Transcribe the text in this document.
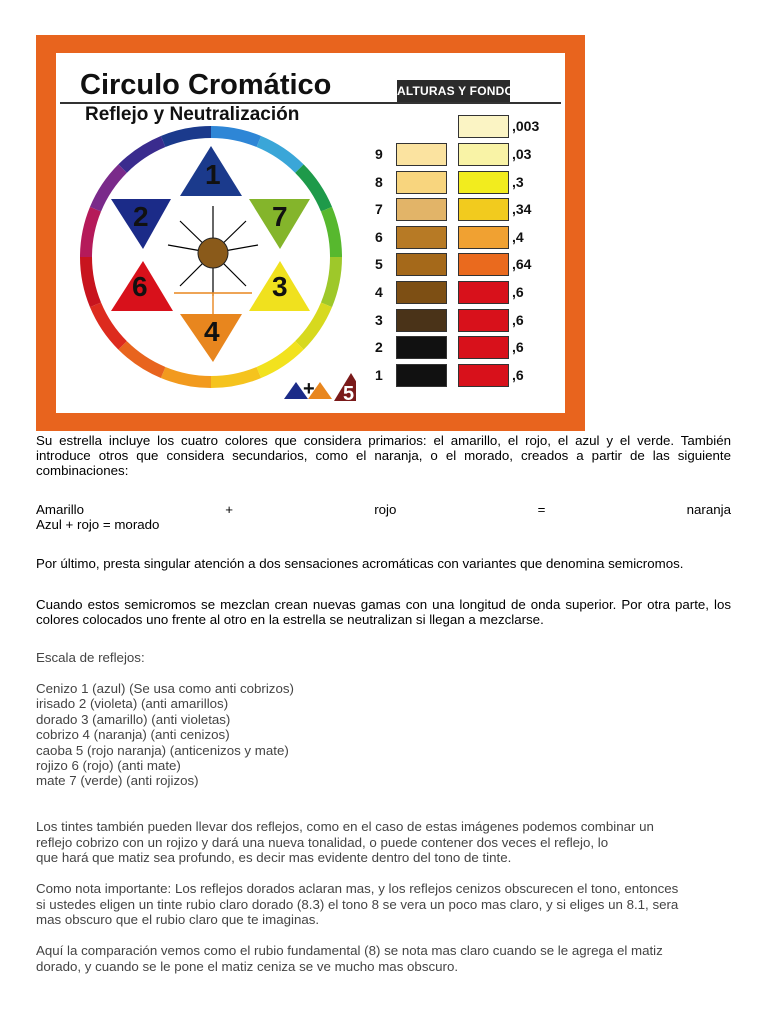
Circulo Cromático	ALTURAS Y FONDOS
Reflejo y Neutralización
1
7
3
4
6
2
+ 5
,003
9	,03
8	,3
7	,34
6	,4
5	,64
4	,6
3	,6
2	,6
1	,6
Su estrella incluye los cuatro colores que considera primarios: el amarillo, el rojo, el azul y el verde. También introduce otros que considera secundarios, como el naranja, o el morado, creados a partir de las siguiente combinaciones:
Amarillo	+	rojo	=	naranja
Azul + rojo = morado
Por último, presta singular atención a dos sensaciones acromáticas con variantes que denomina semicromos.
Cuando estos semicromos se mezclan crean nuevas gamas con una longitud de onda superior. Por otra parte, los colores colocados uno frente al otro en la estrella se neutralizan si llegan a mezclarse.
Escala de reflejos:
Cenizo 1 (azul) (Se usa como anti cobrizos)
irisado 2 (violeta) (anti amarillos)
dorado 3 (amarillo) (anti violetas)
cobrizo 4 (naranja) (anti cenizos)
caoba 5 (rojo naranja) (anticenizos y mate)
rojizo 6 (rojo) (anti mate)
mate 7 (verde) (anti rojizos)
Los tintes también pueden llevar dos reflejos, como en el caso de estas imágenes podemos combinar un
reflejo cobrizo con un rojizo y dará una nueva tonalidad, o puede contener dos veces el reflejo, lo
que hará que matiz sea profundo, es decir mas evidente dentro del tono de tinte.
Como nota importante: Los reflejos dorados aclaran mas, y los reflejos cenizos obscurecen el tono, entonces
si ustedes eligen un tinte rubio claro dorado (8.3) el tono 8 se vera un poco mas claro, y si eliges un 8.1, sera
mas obscuro que el rubio claro que te imaginas.
Aquí la comparación vemos como el rubio fundamental (8) se nota mas claro cuando se le agrega el matiz
dorado, y cuando se le pone el matiz ceniza se ve mucho mas obscuro.
